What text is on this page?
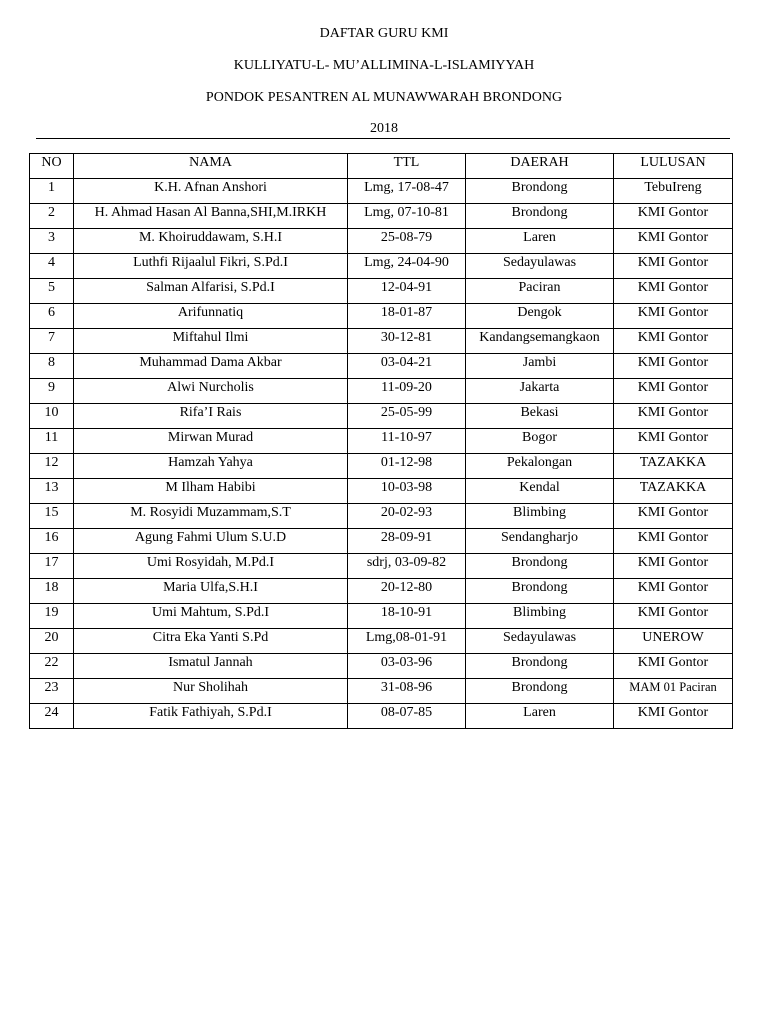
DAFTAR GURU KMI
KULLIYATU-L- MU’ALLIMINA-L-ISLAMIYYAH
PONDOK PESANTREN AL MUNAWWARAH BRONDONG
2018
NO	NAMA	TTL	DAERAH	LULUSAN
1	K.H. Afnan Anshori	Lmg, 17-08-47	Brondong	TebuIreng
2	H. Ahmad Hasan Al Banna,SHI,M.IRKH	Lmg, 07-10-81	Brondong	KMI Gontor
3	M. Khoiruddawam, S.H.I	25-08-79	Laren	KMI Gontor
4	Luthfi Rijaalul Fikri, S.Pd.I	Lmg, 24-04-90	Sedayulawas	KMI Gontor
5	Salman Alfarisi, S.Pd.I	12-04-91	Paciran	KMI Gontor
6	Arifunnatiq	18-01-87	Dengok	KMI Gontor
7	Miftahul Ilmi	30-12-81	Kandangsemangkaon	KMI Gontor
8	Muhammad Dama Akbar	03-04-21	Jambi	KMI Gontor
9	Alwi Nurcholis	11-09-20	Jakarta	KMI Gontor
10	Rifa’I Rais	25-05-99	Bekasi	KMI Gontor
11	Mirwan Murad	11-10-97	Bogor	KMI Gontor
12	Hamzah Yahya	01-12-98	Pekalongan	TAZAKKA
13	M Ilham Habibi	10-03-98	Kendal	TAZAKKA
15	M. Rosyidi Muzammam,S.T	20-02-93	Blimbing	KMI Gontor
16	Agung Fahmi Ulum S.U.D	28-09-91	Sendangharjo	KMI Gontor
17	Umi Rosyidah, M.Pd.I	sdrj, 03-09-82	Brondong	KMI Gontor
18	Maria Ulfa,S.H.I	20-12-80	Brondong	KMI Gontor
19	Umi Mahtum, S.Pd.I	18-10-91	Blimbing	KMI Gontor
20	Citra Eka Yanti S.Pd	Lmg,08-01-91	Sedayulawas	UNEROW
22	Ismatul Jannah	03-03-96	Brondong	KMI Gontor
23	Nur Sholihah	31-08-96	Brondong	MAM 01 Paciran
24	Fatik Fathiyah, S.Pd.I	08-07-85	Laren	KMI Gontor
